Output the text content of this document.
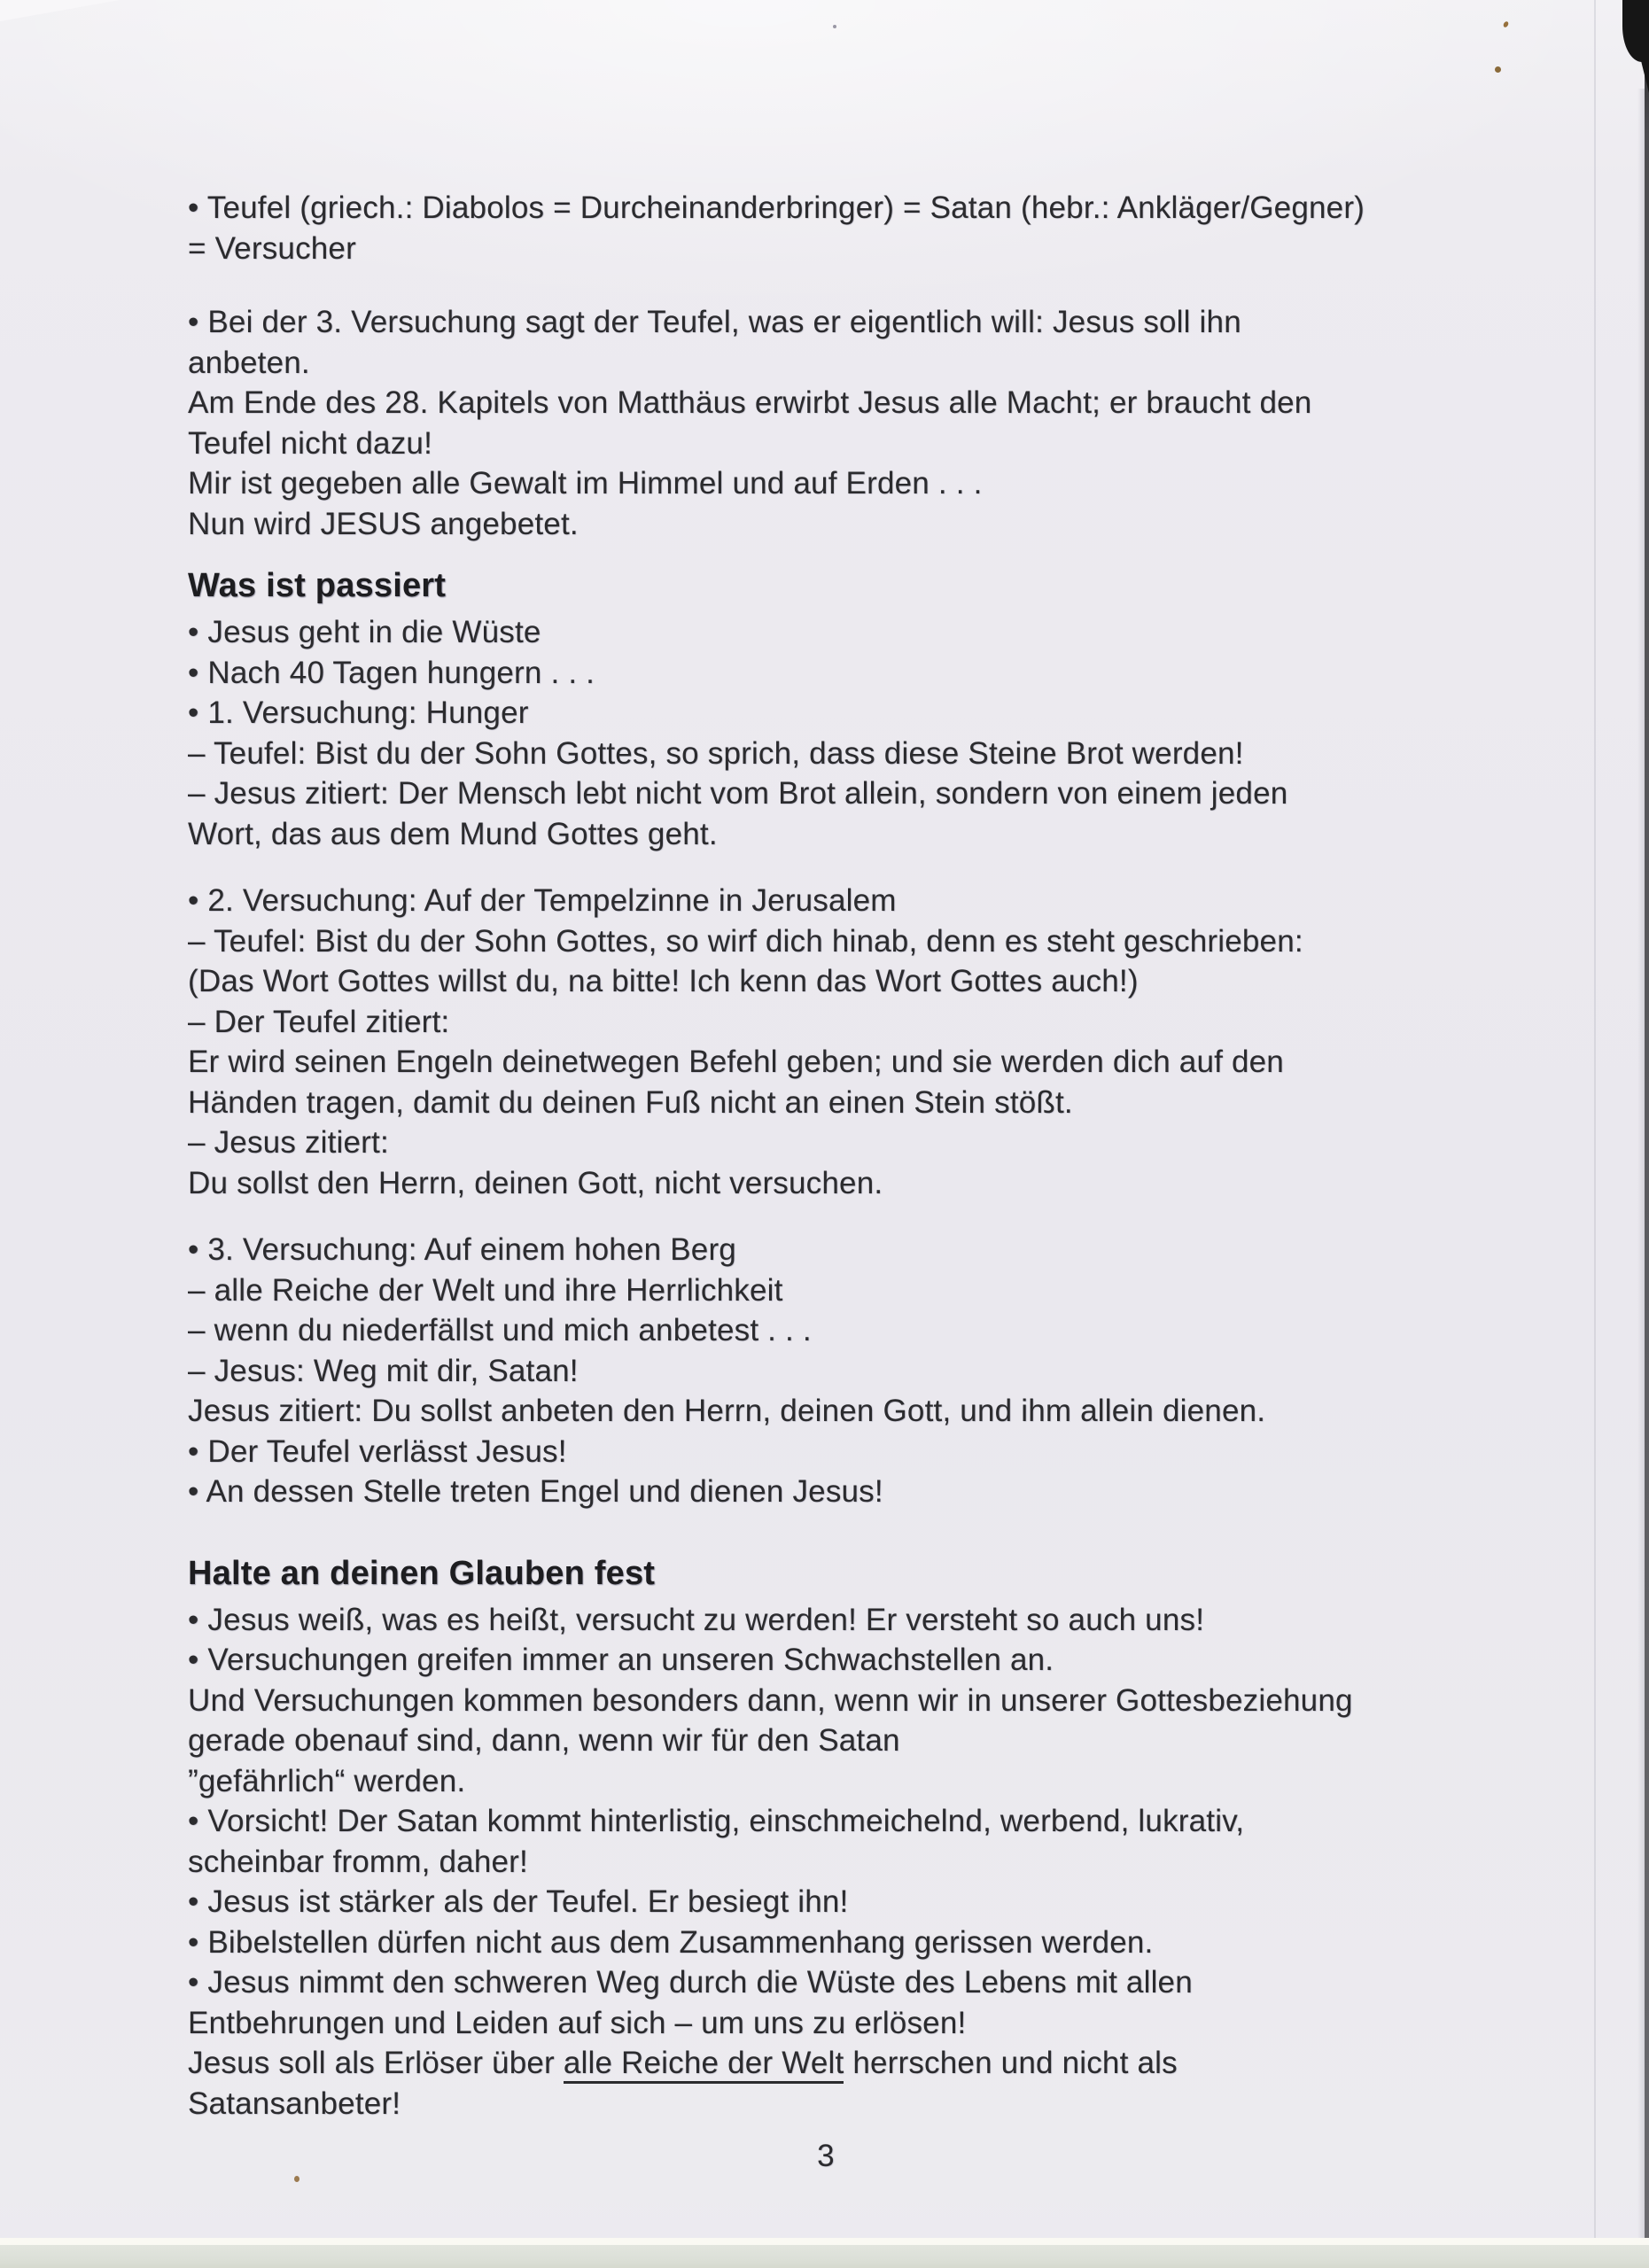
• Teufel (griech.: Diabolos = Durcheinanderbringer) = Satan (hebr.: Ankläger/Gegner)

= Versucher

• Bei der 3. Versuchung sagt der Teufel, was er eigentlich will: Jesus soll ihn

anbeten.

Am Ende des 28. Kapitels von Matthäus erwirbt Jesus alle Macht; er braucht den

Teufel nicht dazu!

Mir ist gegeben alle Gewalt im Himmel und auf Erden . . .

Nun wird JESUS angebetet.

Was ist passiert

• Jesus geht in die Wüste

• Nach 40 Tagen hungern . . .

• 1. Versuchung: Hunger

– Teufel: Bist du der Sohn Gottes, so sprich, dass diese Steine Brot werden!

– Jesus zitiert: Der Mensch lebt nicht vom Brot allein, sondern von einem jeden

Wort, das aus dem Mund Gottes geht.

• 2. Versuchung: Auf der Tempelzinne in Jerusalem

– Teufel: Bist du der Sohn Gottes, so wirf dich hinab, denn es steht geschrieben:

(Das Wort Gottes willst du, na bitte! Ich kenn das Wort Gottes auch!)

– Der Teufel zitiert:

Er wird seinen Engeln deinetwegen Befehl geben; und sie werden dich auf den

Händen tragen, damit du deinen Fuß nicht an einen Stein stößt.

– Jesus zitiert:

Du sollst den Herrn, deinen Gott, nicht versuchen.

• 3. Versuchung: Auf einem hohen Berg

– alle Reiche der Welt und ihre Herrlichkeit

– wenn du niederfällst und mich anbetest . . .

– Jesus: Weg mit dir, Satan!

Jesus zitiert: Du sollst anbeten den Herrn, deinen Gott, und ihm allein dienen.

• Der Teufel verlässt Jesus!

• An dessen Stelle treten Engel und dienen Jesus!

Halte an deinen Glauben fest

• Jesus weiß, was es heißt, versucht zu werden! Er versteht so auch uns!

• Versuchungen greifen immer an unseren Schwachstellen an.

Und Versuchungen kommen besonders dann, wenn wir in unserer Gottesbeziehung

gerade obenauf sind, dann, wenn wir für den Satan

”gefährlich“ werden.

• Vorsicht! Der Satan kommt hinterlistig, einschmeichelnd, werbend, lukrativ,

scheinbar fromm, daher!

• Jesus ist stärker als der Teufel. Er besiegt ihn!

• Bibelstellen dürfen nicht aus dem Zusammenhang gerissen werden.

• Jesus nimmt den schweren Weg durch die Wüste des Lebens mit allen

Entbehrungen und Leiden auf sich – um uns zu erlösen!

Jesus soll als Erlöser über alle Reiche der Welt herrschen und nicht als

Satansanbeter!

3
